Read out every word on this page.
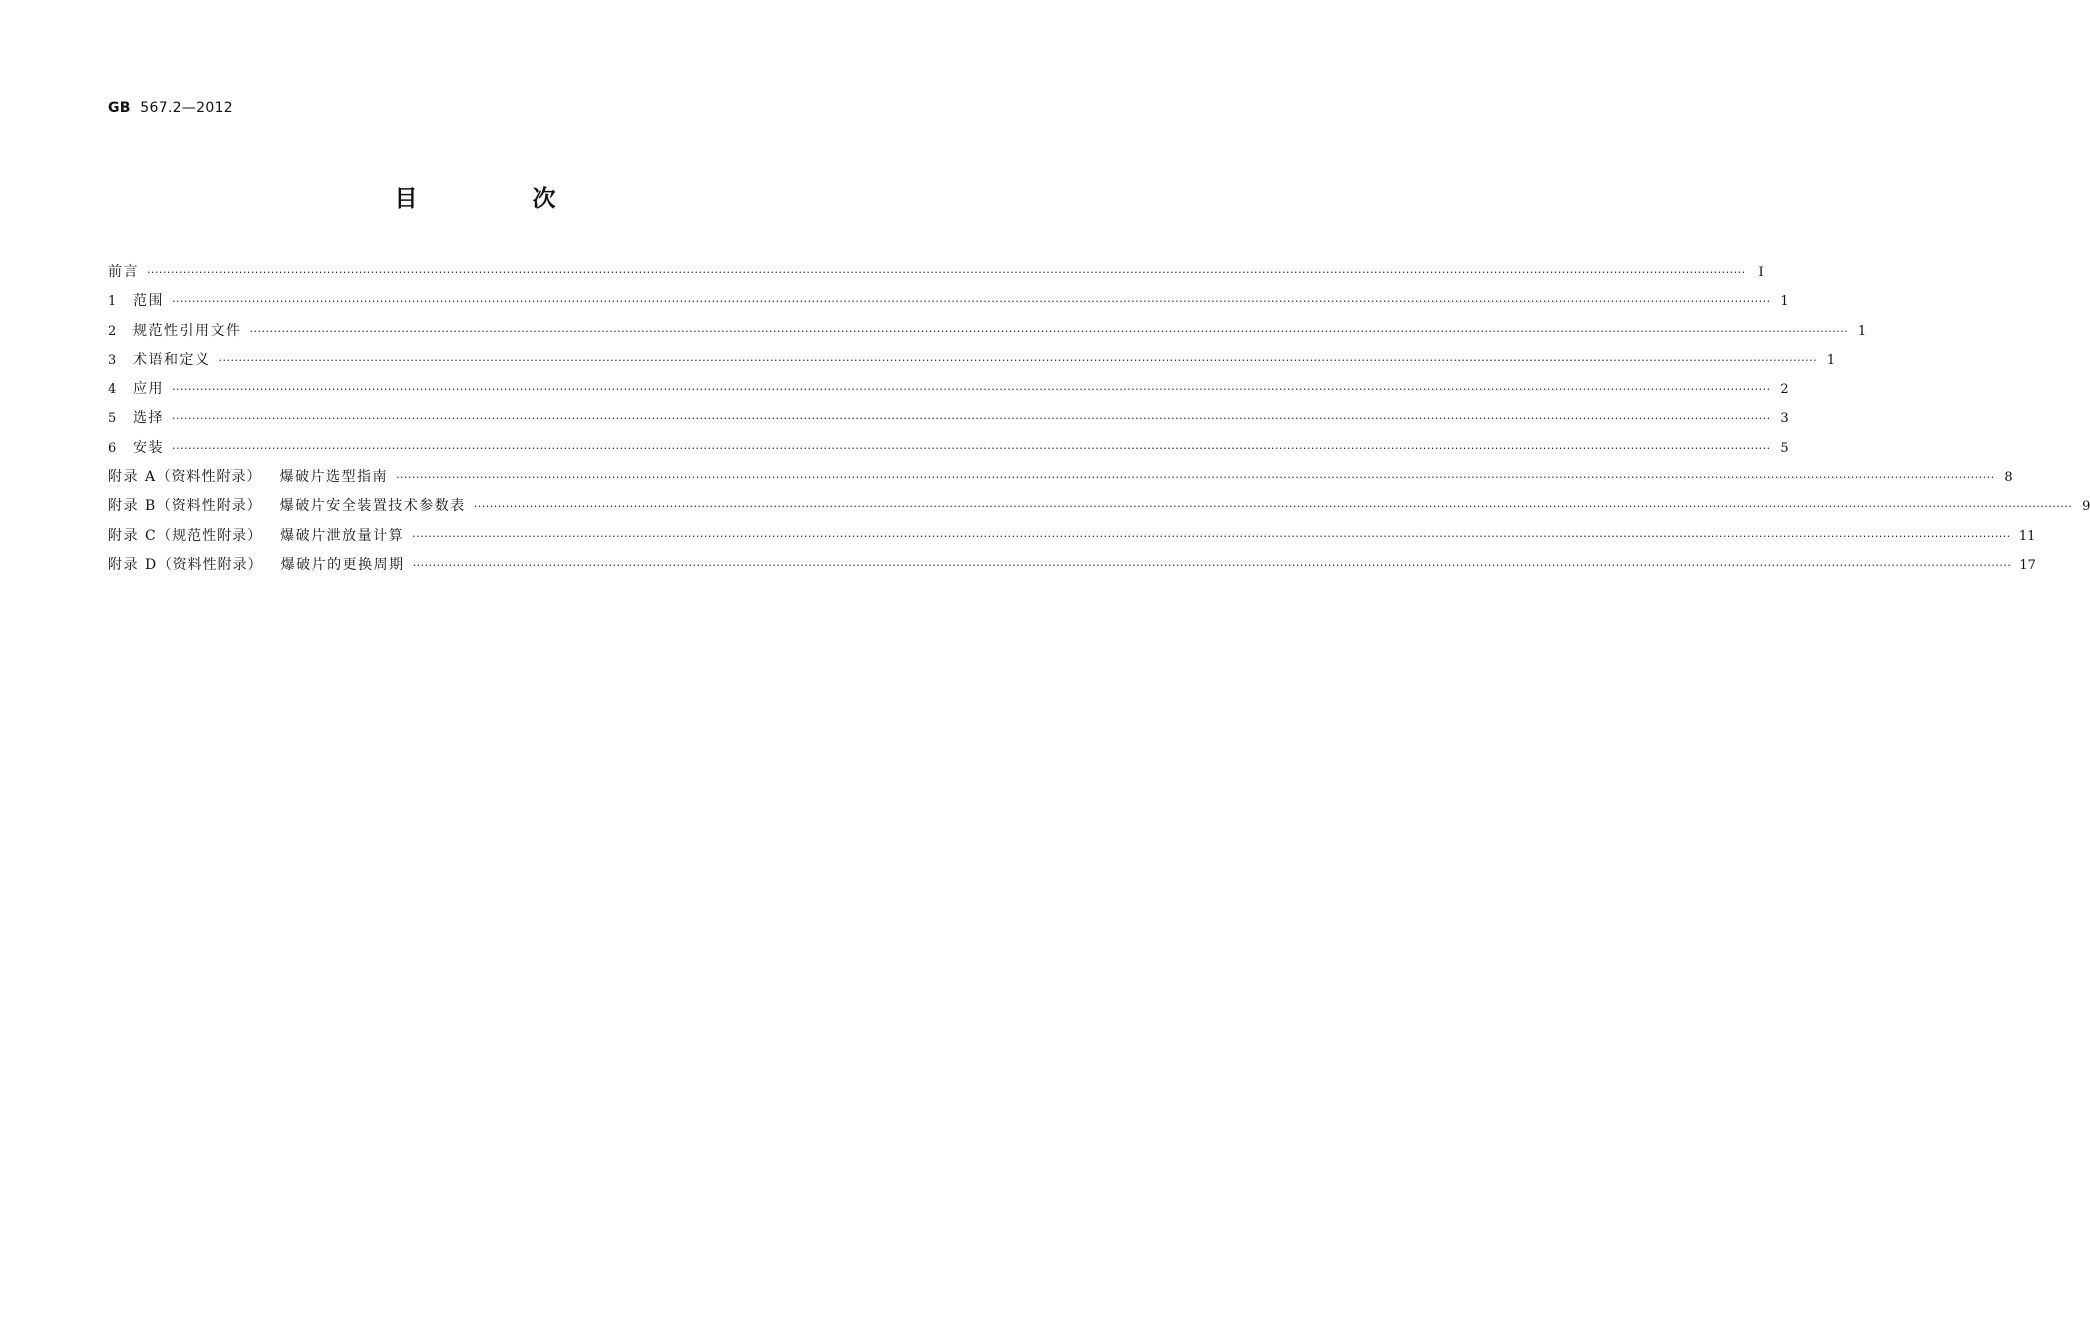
GB 567.2—2012
目　次
前言 ················································································································································································································································································································································································································ I
1	范围 ················································································································································································································································································································································································································ 1
2	规范性引用文件 ················································································································································································································································································································································································································ 1
3	术语和定义 ················································································································································································································································································································································································································ 1
4	应用 ················································································································································································································································································································································································································ 2
5	选择 ················································································································································································································································································································································································································ 3
6	安装 ················································································································································································································································································································································································································ 5
附录 A（资料性附录） 爆破片选型指南 ················································································································································································································································································································································································································ 8
附录 B（资料性附录） 爆破片安全装置技术参数表 ················································································································································································································································································································································································································ 9
附录 C（规范性附录） 爆破片泄放量计算 ················································································································································································································································································································································································································ 11
附录 D（资料性附录） 爆破片的更换周期 ················································································································································································································································································································································································································ 17
